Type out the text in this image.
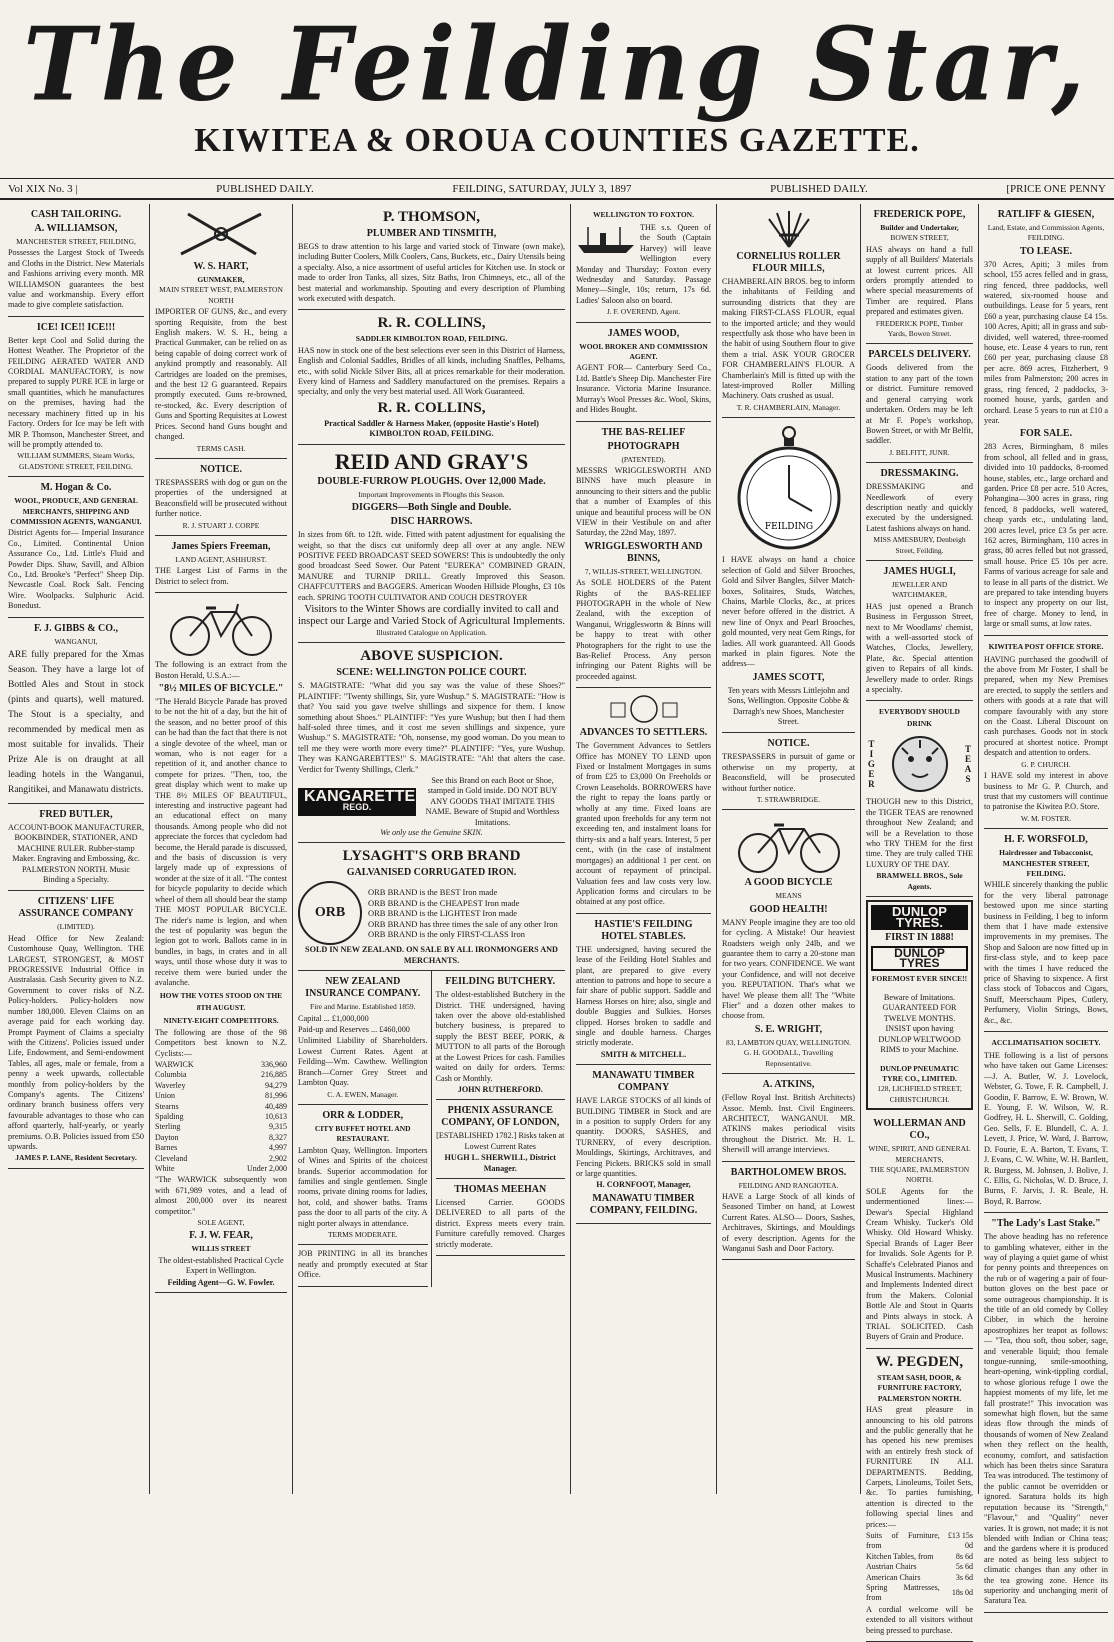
The Feilding Star,
KIWITEA & OROUA COUNTIES GAZETTE.
Vol XIX No. 3 |	PUBLISHED DAILY.	FEILDING, SATURDAY, JULY 3, 1897	PUBLISHED DAILY.	[PRICE ONE PENNY
CASH TAILORING.
A. WILLIAMSON,
MANCHESTER STREET, FEILDING,

Possesses the Largest Stock of Tweeds and Cloths in the District. New Materials and Fashions arriving every month. MR WILLIAMSON guarantees the best value and workmanship. Every effort made to give complete satisfaction.

ICE! ICE!! ICE!!!

Better kept Cool and Solid during the Hottest Weather. The Proprietor of the FEILDING AERATED WATER AND CORDIAL MANUFACTORY, is now prepared to supply PURE ICE in large or small quantities, which he manufactures on the premises, having had the necessary machinery fitted up in his Factory. Orders for Ice may be left with MR P. Thomson, Manchester Street, and will be promptly attended to.

WILLIAM SUMMERS, Steam Works, GLADSTONE STREET, FEILDING.
M. Hogan & Co.
WOOL, PRODUCE, AND GENERAL MERCHANTS, SHIPPING AND COMMISSION AGENTS, WANGANUI.

District Agents for— Imperial Insurance Co., Limited. Continental Union Assurance Co., Ltd. Little's Fluid and Powder Dips. Shaw, Savill, and Albion Co., Ltd. Brooke's "Perfect" Sheep Dip. Newcastle Coal. Rock Salt. Fencing Wire. Woolpacks. Sulphuric Acid. Bonedust.

F. J. GIBBS & CO.,
WANGANUI,

ARE fully prepared for the Xmas Season. They have a large lot of Bottled Ales and Stout in stock (pints and quarts), well matured. The Stout is a specialty, and recommended by medical men as most suitable for invalids. Their Prize Ale is on draught at all leading hotels in the Wanganui, Rangitikei, and Manawatu districts.

FRED BUTLER,

ACCOUNT-BOOK MANUFACTURER, BOOKBINDER, STATIONER, AND MACHINE RULER. Rubber-stamp Maker. Engraving and Embossing, &c. PALMERSTON NORTH. Music Binding a Specialty.

CITIZENS' LIFE ASSURANCE COMPANY
(LIMITED).

Head Office for New Zealand: Customhouse Quay, Wellington. THE LARGEST, STRONGEST, & MOST PROGRESSIVE Industrial Office in Australasia. Cash Security given to N.Z. Government to cover risks of N.Z. Policy-holders. Policy-holders now number 180,000. Eleven Claims on an average paid for each working day. Prompt Payment of Claims a specialty with the Citizens'. Policies issued under Life, Endowment, and Semi-endowment Tables, all ages, male or female, from a penny a week upwards, collectable monthly from policy-holders by the Company's agents. The Citizens' ordinary branch business offers very favourable advantages to those who can afford quarterly, half-yearly, or yearly premiums. O.B. Policies issued from £50 upwards.

JAMES P. LANE, Resident Secretary.
W. S. HART,
GUNMAKER,
MAIN STREET WEST, PALMERSTON NORTH

IMPORTER OF GUNS, &c., and every sporting Requisite, from the best English makers. W. S. H., being a Practical Gunmaker, can be relied on as being capable of doing correct work of anykind promptly and reasonably. All Cartridges are loaded on the premises, and the best 12 G guaranteed. Repairs promptly executed. Guns re-browned, re-stocked, &c. Every description of Guns and Sporting Requisites at Lowest Prices. Second hand Guns bought and changed.

TERMS CASH.
NOTICE.

TRESPASSERS with dog or gun on the properties of the undersigned at Beaconsfield will be prosecuted without further notice.

R. J. STUART J. CORPE
James Spiers Freeman,
LAND AGENT, ASHHURST.

THE Largest List of Farms in the District to select from.

The following is an extract from the Boston Herald, U.S.A.:—

"8½ MILES OF BICYCLE."

"The Herald Bicycle Parade has proved to be not the hit of a day, but the hit of the season, and no better proof of this can be had than the fact that there is not a single devotee of the wheel, man or woman, who is not eager for a repetition of it, and another chance to compete for prizes. "Then, too, the great display which went to make up THE 8½ MILES OF BEAUTIFUL, interesting and instructive pageant had an educational effect on many thousands. Among people who did not appreciate the forces that cycledom had become, the Herald parade is discussed, and the basis of discussion is very largely made up of expressions of wonder at the size of it all. "The contest for bicycle popularity to decide which wheel of them all should bear the stamp THE MOST POPULAR BICYCLE. The rider's name is legion, and when the test of popularity was begun the legion got to work. Ballots came in in bundles, in bags, in crates and in all ways, until those whose duty it was to receive them were buried under the avalanche.

HOW THE VOTES STOOD ON THE 8TH AUGUST.
NINETY-EIGHT COMPETITORS.

The following are those of the 98 Competitors best known to N.Z. Cyclists:—

WARWICK	336,960
Columbia	216,885
Waverley	94,279
Union	81,996
Stearns	40,489
Spalding	10,613
Sterling	9,315
Dayton	8,327
Barnes	4,997
Cleveland	2,902
White	Under 2,000

"The WARWICK subsequently won with 671,989 votes, and a lead of almost 200,000 over its nearest competitor."

SOLE AGENT,
F. J. W. FEAR,
WILLIS STREET

The oldest-established Practical Cycle Expert in Wellington.

Feilding Agent—G. W. Fowler.
P. THOMSON,
PLUMBER AND TINSMITH,

BEGS to draw attention to his large and varied stock of Tinware (own make), including Butter Coolers, Milk Coolers, Cans, Buckets, etc., Dairy Utensils being a specialty. Also, a nice assortment of useful articles for Kitchen use. In stock or made to order Iron Tanks, all sizes, Sitz Baths, Iron Chimneys, etc., all of the best material and workmanship. Spouting and every description of Plumbing work executed with despatch.

R. R. COLLINS,
SADDLER KIMBOLTON ROAD, FEILDING.

HAS now in stock one of the best selections ever seen in this District of Harness, English and Colonial Saddles, Bridles of all kinds, including Snaffles, Pelhams, etc., with solid Nickle Silver Bits, all at prices remarkable for their moderation. Every kind of Harness and Saddlery manufactured on the premises. Repairs a specialty, and only the very best material used. All Work Guaranteed.

R. R. COLLINS,
Practical Saddler & Harness Maker, (opposite Hastie's Hotel) KIMBOLTON ROAD, FEILDING.
REID AND GRAY'S
DOUBLE-FURROW PLOUGHS. Over 12,000 Made.
Important Improvements in Ploughs this Season.
DIGGERS—Both Single and Double.
DISC HARROWS.

In sizes from 6ft. to 12ft. wide. Fitted with patent adjustment for equalising the weight, so that the discs cut uniformly deep all over at any angle. NEW POSITIVE FEED BROADCAST SEED SOWERS! This is undoubtedly the only good broadcast Seed Sower. Our Patent "EUREKA" COMBINED GRAIN, MANURE and TURNIP DRILL. Greatly Improved this Season. CHAFFCUTTERS and BAGGERS. American Wooden Hillside Ploughs, £3 10s each. SPRING TOOTH CULTIVATOR AND COUCH DESTROYER

Visitors to the Winter Shows are cordially invited to call and inspect our Large and Varied Stock of Agricultural Implements.
Illustrated Catalogue on Application.
ABOVE SUSPICION.
SCENE: WELLINGTON POLICE COURT.

S. MAGISTRATE: "What did you say was the value of these Shoes?" PLAINTIFF: "Twenty shillings, Sir, yure Wushup." S. MAGISTRATE: "How is that? You said you gave twelve shillings and sixpence for them. I know something about Shoes." PLAINTIFF: "Yes yure Wushup; but then I had them half-soled three times, and it cost me seven shillings and sixpence, yure Wushup." S. MAGISTRATE: "Oh, nonsense, my good woman. Do you mean to tell me they were worth more every time?" PLAINTIFF: "Yes, yure Wushup. They was KANGAREBTTES!" S. MAGISTRATE: "Ah! that alters the case. Verdict for Twenty Shillings, Clerk."

KANGARETTE
REGD.

See this Brand on each Boot or Shoe, stamped in Gold inside. DO NOT BUY ANY GOODS THAT IMITATE THIS NAME. Beware of Stupid and Worthless Imitations.

We only use the Genuine SKIN.
LYSAGHT'S ORB BRAND
GALVANISED CORRUGATED IRON.
ORB
ORB BRAND is the BEST Iron made
ORB BRAND is the CHEAPEST Iron made
ORB BRAND is the LIGHTEST Iron made
ORB BRAND has three times the sale of any other Iron
ORB BRAND is the only FIRST-CLASS Iron
SOLD IN NEW ZEALAND. ON SALE BY ALL IRONMONGERS AND MERCHANTS.
NEW ZEALAND INSURANCE COMPANY.
Fire and Marine. Established 1859.

Capital ... £1,000,000

Paid-up and Reserves ... £460,000

Unlimited Liability of Shareholders. Lowest Current Rates. Agent at Feilding—Wm. Cawthew. Wellington Branch—Corner Grey Street and Lambton Quay.

C. A. EWEN, Manager.
ORR & LODDER,
CITY BUFFET HOTEL AND RESTAURANT.

Lambton Quay, Wellington. Importers of Wines and Spirits of the choicest brands. Superior accommodation for families and single gentlemen. Single rooms, private dining rooms for ladies, hot, cold, and shower baths. Trams pass the door to all parts of the city. A night porter always in attendance.

TERMS MODERATE.

JOB PRINTING in all its branches neatly and promptly executed at Star Office.

FEILDING BUTCHERY.

The oldest-established Butchery in the District. THE undersigned, having taken over the above old-established butchery business, is prepared to supply the BEST BEEF, PORK, & MUTTON to all parts of the Borough at the Lowest Prices for cash. Families waited on daily for orders. Terms: Cash or Monthly.

JOHN RUTHERFORD.
PHŒNIX ASSURANCE COMPANY, OF LONDON,

[ESTABLISHED 1782.] Risks taken at Lowest Current Rates

HUGH L. SHERWILL, District Manager.
THOMAS MEEHAN

Licensed Carrier. GOODS DELIVERED to all parts of the district. Express meets every train. Furniture carefully removed. Charges strictly moderate.

WELLINGTON TO FOXTON.

THE s.s. Queen of the South (Captain Harvey) will leave Wellington every Monday and Thursday; Foxton every Wednesday and Saturday. Passage Money—Single, 10s; return, 17s 6d. Ladies' Saloon also on board.

J. F. OVEREND, Agent.
JAMES WOOD,
WOOL BROKER AND COMMISSION AGENT.

AGENT FOR— Canterbury Seed Co., Ltd. Battle's Sheep Dip. Manchester Fire Insurance. Victoria Marine Insurance. Murray's Wool Presses &c. Wool, Skins, and Hides Bought.

THE BAS-RELIEF
PHOTOGRAPH
(PATENTED).

MESSRS WRIGGLESWORTH AND BINNS have much pleasure in announcing to their sitters and the public that a number of Examples of this unique and beautiful process will be ON VIEW in their Vestibule on and after Saturday, the 22nd May, 1897.

WRIGGLESWORTH AND BINNS,
7, WILLIS-STREET, WELLINGTON.

As SOLE HOLDERS of the Patent Rights of the BAS-RELIEF PHOTOGRAPH in the whole of New Zealand, with the exception of Wanganui, Wriggleswortn & Binns will be happy to treat with other Photographers for the right to use the Bas-Relief Process. Any person infringing our Patent Rights will be proceeded against.

ADVANCES TO SETTLERS.

The Government Advances to Settlers Office has MONEY TO LEND upon Fixed or Instalment Mortgages in sums of from £25 to £3,000 On Freeholds or Crown Leaseholds. BORROWERS have the right to repay the loans partly or wholly at any time. Fixed loans are granted upon freeholds for any term not exceeding ten, and instalment loans for thirty-six and a half years. Interest, 5 per cent., with (in the case of instalment mortgages) an additional 1 per cent. on account of repayment of principal. Valuation fees and law costs very low. Application forms and circulars to be obtained at any post office.

HASTIE'S FEILDING HOTEL STABLES.

THE undersigned, having secured the lease of the Feilding Hotel Stables and plant, are prepared to give every attention to patrons and hope to secure a fair share of public support. Saddle and Harness Horses on hire; also, single and double Buggies and Sulkies. Horses clipped. Horses broken to saddle and single and double harness. Charges strictly moderate.

SMITH & MITCHELL.
MANAWATU TIMBER COMPANY

HAVE LARGE STOCKS of all kinds of BUILDING TIMBER in Stock and are in a position to supply Orders for any quantity. DOORS, SASHES, and TURNERY, of every description. Mouldings, Skirtings, Architraves, and Fencing Pickets. BRICKS sold in small or large quantities.

H. CORNFOOT, Manager,
MANAWATU TIMBER COMPANY, FEILDING.
CORNELIUS ROLLER FLOUR MILLS,

CHAMBERLAIN BROS. beg to inform the inhabitants of Feilding and surrounding districts that they are making FIRST-CLASS FLOUR, equal to the imported article; and they would respectfully ask those who have been in the habit of using Southern flour to give them a trial. ASK YOUR GROCER FOR CHAMBERLAIN'S FLOUR. A Chamberlain's Mill is fitted up with the latest-improved Roller Milling Machinery. Oats crushed as usual.

T. R. CHAMBERLAIN, Manager.
FEILDING

I HAVE always on hand a choice selection of Gold and Silver Brooches, Gold and Silver Bangles, Silver Match-boxes, Solitaires, Studs, Watches, Chains, Marble Clocks, &c., at prices never before offered in the district. A new line of Onyx and Pearl Brooches, gold mounted, very neat Gem Rings, for ladies. All work guaranteed. All Goods marked in plain figures. Note the address—

JAMES SCOTT,

Ten years with Messrs Littlejohn and Sons, Wellington. Opposite Cobbe & Darragh's new Shoes, Manchester Street.

NOTICE.

TRESPASSERS in pursuit of game or otherwise on my property, at Beaconsfield, will be prosecuted without further notice.

T. STRAWBRIDGE.
A GOOD BICYCLE
MEANS
GOOD HEALTH!

MANY People imagine they are too old for cycling. A Mistake! Our heaviest Roadsters weigh only 24lb, and we guarantee them to carry a 20-stone man for two years. CONFIDENCE. We want your Confidence, and will not deceive you. REPUTATION. That's what we have! We please them all! The "White Flier" and a dozen other makes to choose from.

S. E. WRIGHT,
83, LAMBTON QUAY, WELLINGTON.
G. H. GOODALL, Travelling Representative.
A. ATKINS,

(Fellow Royal Inst. British Architects) Assoc. Memb. Inst. Civil Engineers. ARCHITECT, WANGANUI. MR. ATKINS makes periodical visits throughout the District. Mr. H. L. Sherwill will arrange interviews.

BARTHOLOMEW BROS.
FEILDING AND RANGIOTEA.

HAVE a Large Stock of all kinds of Seasoned Timber on hand, at Lowest Current Rates. ALSO— Doors, Sashes, Architraves, Skirtings, and Mouldings of every description. Agents for the Wanganui Sash and Door Factory.

FREDERICK POPE,
Builder and Undertaker,
BOWEN STREET,

HAS always on hand a full supply of all Builders' Materials at lowest current prices. All orders promptly attended to where special measurements of Timber are required. Plans prepared and estimates given.

FREDERICK POPE, Timber Yards, Bowen Street.
PARCELS DELIVERY.

Goods delivered from the station to any part of the town or district. Furniture removed and general carrying work undertaken. Orders may be left at Mr F. Pope's workshop, Bowen Street, or with Mr Belfit, saddler.

J. BELFITT, JUNR.
DRESSMAKING.

DRESSMAKING and Needlework of every description neatly and quickly executed by the undersigned. Latest fashions always on hand.

MISS AMESBURY, Denbeigh Street, Feilding.
JAMES HUGLI,
JEWELLER AND WATCHMAKER,

HAS just opened a Branch Business in Fergusson Street, next to Mr Woodlams' chemist, with a well-assorted stock of Watches, Clocks, Jewellery, Plate, &c. Special attention given to Repairs of all kinds. Jewellery made to order. Rings a specialty.

EVERYBODY SHOULD DRINK
TIGER	TEAS

THOUGH new to this District, the TIGER TEAS are renowned throughout New Zealand; and will be a Revelation to those who TRY THEM for the first time. They are truly called THE LUXURY OF THE DAY.

BRAMWELL BROS., Sole Agents.
DUNLOP TYRES.
FIRST IN 1888!
DUNLOP TYRES
FOREMOST EVER SINCE!!

Beware of Imitations. GUARANTEED FOR TWELVE MONTHS. INSIST upon having DUNLOP WELTWOOD RIMS to your Machine.

DUNLOP PNEUMATIC TYRE CO., LIMITED.
128, LICHFIELD STREET, CHRISTCHURCH.
WOLLERMAN AND CO.,
WINE, SPIRIT, AND GENERAL MERCHANTS,
THE SQUARE, PALMERSTON NORTH.

SOLE Agents for the undermentioned lines:— Dewar's Special Highland Cream Whisky. Tucker's Old Whisky. Old Howard Whisky. Special Brands of Lager Beer for Invalids. Sole Agents for P. Schaffe's Celebrated Pianos and Musical Instruments. Machinery and Implements Indented direct from the Makers. Colonial Bottle Ale and Stout in Quarts and Pints always in stock. A TRIAL SOLICITED. Cash Buyers of Grain and Produce.

W. PEGDEN,
STEAM SASH, DOOR, & FURNITURE FACTORY, PALMERSTON NORTH.

HAS great pleasure in announcing to his old patrons and the public generally that he has opened his new premises with an entirely fresh stock of FURNITURE IN ALL DEPARTMENTS. Bedding, Carpets, Linoleums, Toilet Sets, &c. To parties furnishing, attention is directed to the following special lines and prices:—

Suits of Furniture, from	£13 15s 0d
Kitchen Tables, from	8s 6d
Austrian Chairs	5s 6d
American Chairs	3s 6d
Spring Mattresses, from	18s 0d

A cordial welcome will be extended to all visitors without being pressed to purchase.

RATLIFF & GIESEN,
Land, Estate, and Commission Agents, FEILDING.
TO LEASE.

370 Acres, Apiti; 3 miles from school, 155 acres felled and in grass, ring fenced, three paddocks, well watered, six-roomed house and outbuildings. Lease for 5 years, rent £60 a year, purchasing clause £4 15s. 100 Acres, Apiti; all in grass and sub-divided, well watered, three-roomed house, etc. Lease 4 years to run, rent £60 per year, purchasing clause £8 per acre. 869 acres, Fitzherbert, 9 miles from Palmerston; 200 acres in grass, ring fenced, 2 paddocks, 3-roomed house, yards, garden and orchard. Lease 5 years to run at £10 a year.

FOR SALE.

283 Acres, Birmingham, 8 miles from school, all felled and in grass, divided into 10 paddocks, 8-roomed house, stables, etc., large orchard and garden. Price £8 per acre. 510 Acres, Pohangina—300 acres in grass, ring fenced, 8 paddocks, well watered, cheap yards etc., undulating land, 200 acres level, price £3 5s per acre. 162 acres, Birmingham, 110 acres in grass, 80 acres felled but not grassed, small house. Price £5 10s per acre. Farms of various acreage for sale and to lease in all parts of the district. We are prepared to take intending buyers to inspect any property on our list, free of charge. Money to lend, in large or small sums, at low rates.

KIWITEA POST OFFICE STORE.

HAVING purchased the goodwill of the above from Mr Foster, I shall be prepared, when my New Premises are erected, to supply the settlers and others with goods at a rate that will compare favourably with any store on the Coast. Liberal Discount on cash purchases. Goods not in stock procured at shortest notice. Prompt despatch and attention to orders.

G. P. CHURCH.

I HAVE sold my interest in above business to Mr G. P. Church, and trust that my customers will continue to patronise the Kiwitea P.O. Store.

W. M. FOSTER.
H. F. WORSFOLD,
Hairdresser and Tobacconist, MANCHESTER STREET, FEILDING.

WHILE sincerely thanking the public for the very liberal patronage bestowed upon me since starting business in Feilding, I beg to inform them that I have made extensive improvements in my premises. The Shop and Saloon are now fitted up in first-class style, and to keep pace with the times I have reduced the price of Shaving to sixpence. A first class stock of Tobaccos and Cigars, Snuff, Meerschaum Pipes, Cutlery, Perfumery, Violin Strings, Bows, &c., &c.

ACCLIMATISATION SOCIETY.

THE following is a list of persons who have taken out Game Licenses:—J. A. Butler, W. J. Lovelock, Webster, G. Towe, F. R. Campbell, J. Goodin, F. Barrow, E. W. Brown, W. E. Young, F. W. Wilson, W. R. Godfrey, H. L. Sherwill, C. Golding, Geo. Sells, F. E. Blundell, C. A. J. Levett, J. Price, W. Ward, J. Barrow, D. Fourie, E. A. Barton, T. Evans, T. J. Evans, C. W. White, W. H. Bartlett, R. Burgess, M. Johnsen, J. Bolive, J. C. Ellis, G. Nicholas, W. D. Bruce, J. Burns, F. Jarvis, J. R. Beale, H. Boyd, R. Barrow.

"The Lady's Last Stake."

The above heading has no reference to gambling whatever, either in the way of playing a quiet game of whist for penny points and threepences on the rub or of wagering a pair of four-button gloves on the best pace or some outrageous championship. It is the title of an old comedy by Colley Cibber, in which the heroine apostrophizes her teapot as follows:— "Tea, thou soft, thou sober, sage, and venerable liquid; thou female tongue-running, smile-smoothing, heart-opening, wink-tippling cordial, to whose glorious refuge I owe the happiest moments of my life, let me fall prostrate!" This invocation was somewhat high flown, but the same ideas flow through the minds of thousands of women of New Zealand when they reflect on the health, economy, comfort, and satisfaction which has been theirs since Saratura Tea was introduced. The testimony of the public cannot be overridden or ignored. Saratura holds its high reputation because its "Strength," "Flavour," and "Quality" never varies. It is grown, not made; it is not blended with Indian or China teas; and the gardens where it is produced are noted as being less subject to climatic changes than any other in the tea growing zone. Hence its superiority and unchanging merit of Saratura Tea.
